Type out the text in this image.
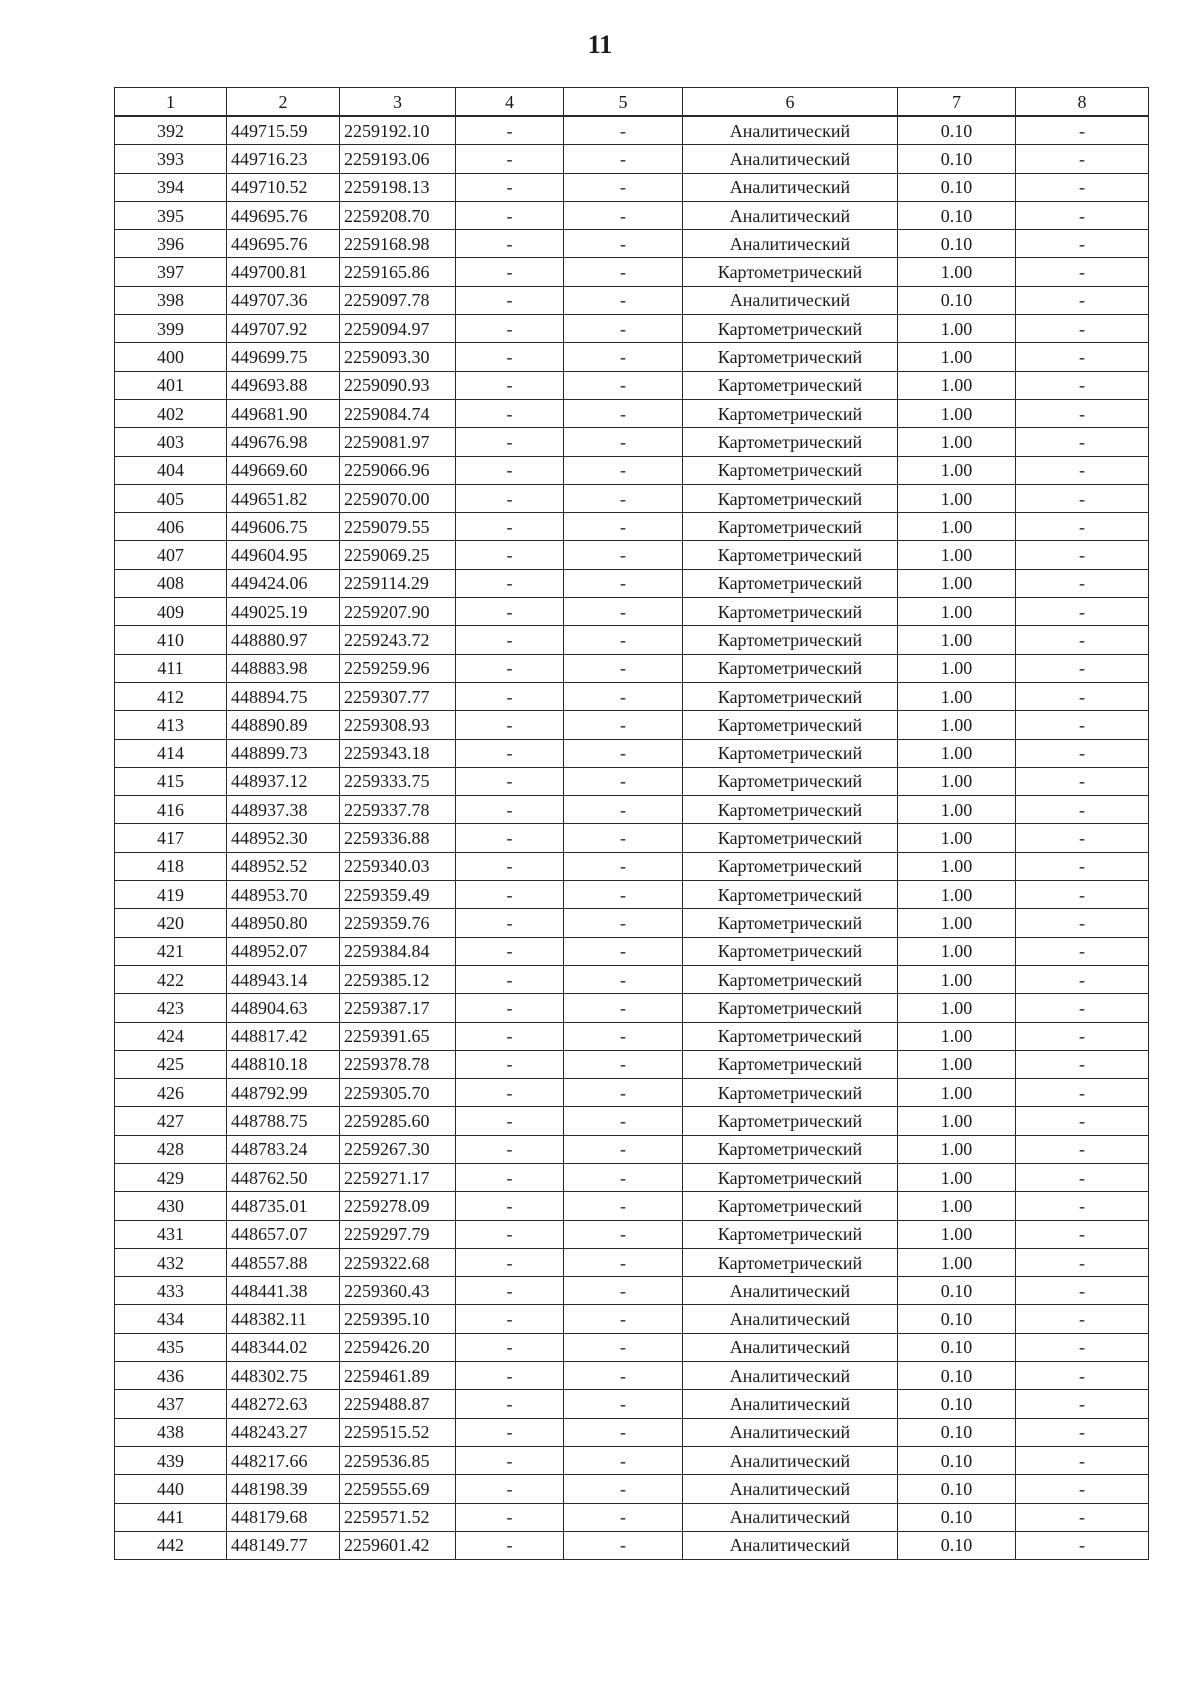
11
1	2	3	4	5	6	7	8
392	449715.59	2259192.10	-	-	Аналитический	0.10	-
393	449716.23	2259193.06	-	-	Аналитический	0.10	-
394	449710.52	2259198.13	-	-	Аналитический	0.10	-
395	449695.76	2259208.70	-	-	Аналитический	0.10	-
396	449695.76	2259168.98	-	-	Аналитический	0.10	-
397	449700.81	2259165.86	-	-	Картометрический	1.00	-
398	449707.36	2259097.78	-	-	Аналитический	0.10	-
399	449707.92	2259094.97	-	-	Картометрический	1.00	-
400	449699.75	2259093.30	-	-	Картометрический	1.00	-
401	449693.88	2259090.93	-	-	Картометрический	1.00	-
402	449681.90	2259084.74	-	-	Картометрический	1.00	-
403	449676.98	2259081.97	-	-	Картометрический	1.00	-
404	449669.60	2259066.96	-	-	Картометрический	1.00	-
405	449651.82	2259070.00	-	-	Картометрический	1.00	-
406	449606.75	2259079.55	-	-	Картометрический	1.00	-
407	449604.95	2259069.25	-	-	Картометрический	1.00	-
408	449424.06	2259114.29	-	-	Картометрический	1.00	-
409	449025.19	2259207.90	-	-	Картометрический	1.00	-
410	448880.97	2259243.72	-	-	Картометрический	1.00	-
411	448883.98	2259259.96	-	-	Картометрический	1.00	-
412	448894.75	2259307.77	-	-	Картометрический	1.00	-
413	448890.89	2259308.93	-	-	Картометрический	1.00	-
414	448899.73	2259343.18	-	-	Картометрический	1.00	-
415	448937.12	2259333.75	-	-	Картометрический	1.00	-
416	448937.38	2259337.78	-	-	Картометрический	1.00	-
417	448952.30	2259336.88	-	-	Картометрический	1.00	-
418	448952.52	2259340.03	-	-	Картометрический	1.00	-
419	448953.70	2259359.49	-	-	Картометрический	1.00	-
420	448950.80	2259359.76	-	-	Картометрический	1.00	-
421	448952.07	2259384.84	-	-	Картометрический	1.00	-
422	448943.14	2259385.12	-	-	Картометрический	1.00	-
423	448904.63	2259387.17	-	-	Картометрический	1.00	-
424	448817.42	2259391.65	-	-	Картометрический	1.00	-
425	448810.18	2259378.78	-	-	Картометрический	1.00	-
426	448792.99	2259305.70	-	-	Картометрический	1.00	-
427	448788.75	2259285.60	-	-	Картометрический	1.00	-
428	448783.24	2259267.30	-	-	Картометрический	1.00	-
429	448762.50	2259271.17	-	-	Картометрический	1.00	-
430	448735.01	2259278.09	-	-	Картометрический	1.00	-
431	448657.07	2259297.79	-	-	Картометрический	1.00	-
432	448557.88	2259322.68	-	-	Картометрический	1.00	-
433	448441.38	2259360.43	-	-	Аналитический	0.10	-
434	448382.11	2259395.10	-	-	Аналитический	0.10	-
435	448344.02	2259426.20	-	-	Аналитический	0.10	-
436	448302.75	2259461.89	-	-	Аналитический	0.10	-
437	448272.63	2259488.87	-	-	Аналитический	0.10	-
438	448243.27	2259515.52	-	-	Аналитический	0.10	-
439	448217.66	2259536.85	-	-	Аналитический	0.10	-
440	448198.39	2259555.69	-	-	Аналитический	0.10	-
441	448179.68	2259571.52	-	-	Аналитический	0.10	-
442	448149.77	2259601.42	-	-	Аналитический	0.10	-
